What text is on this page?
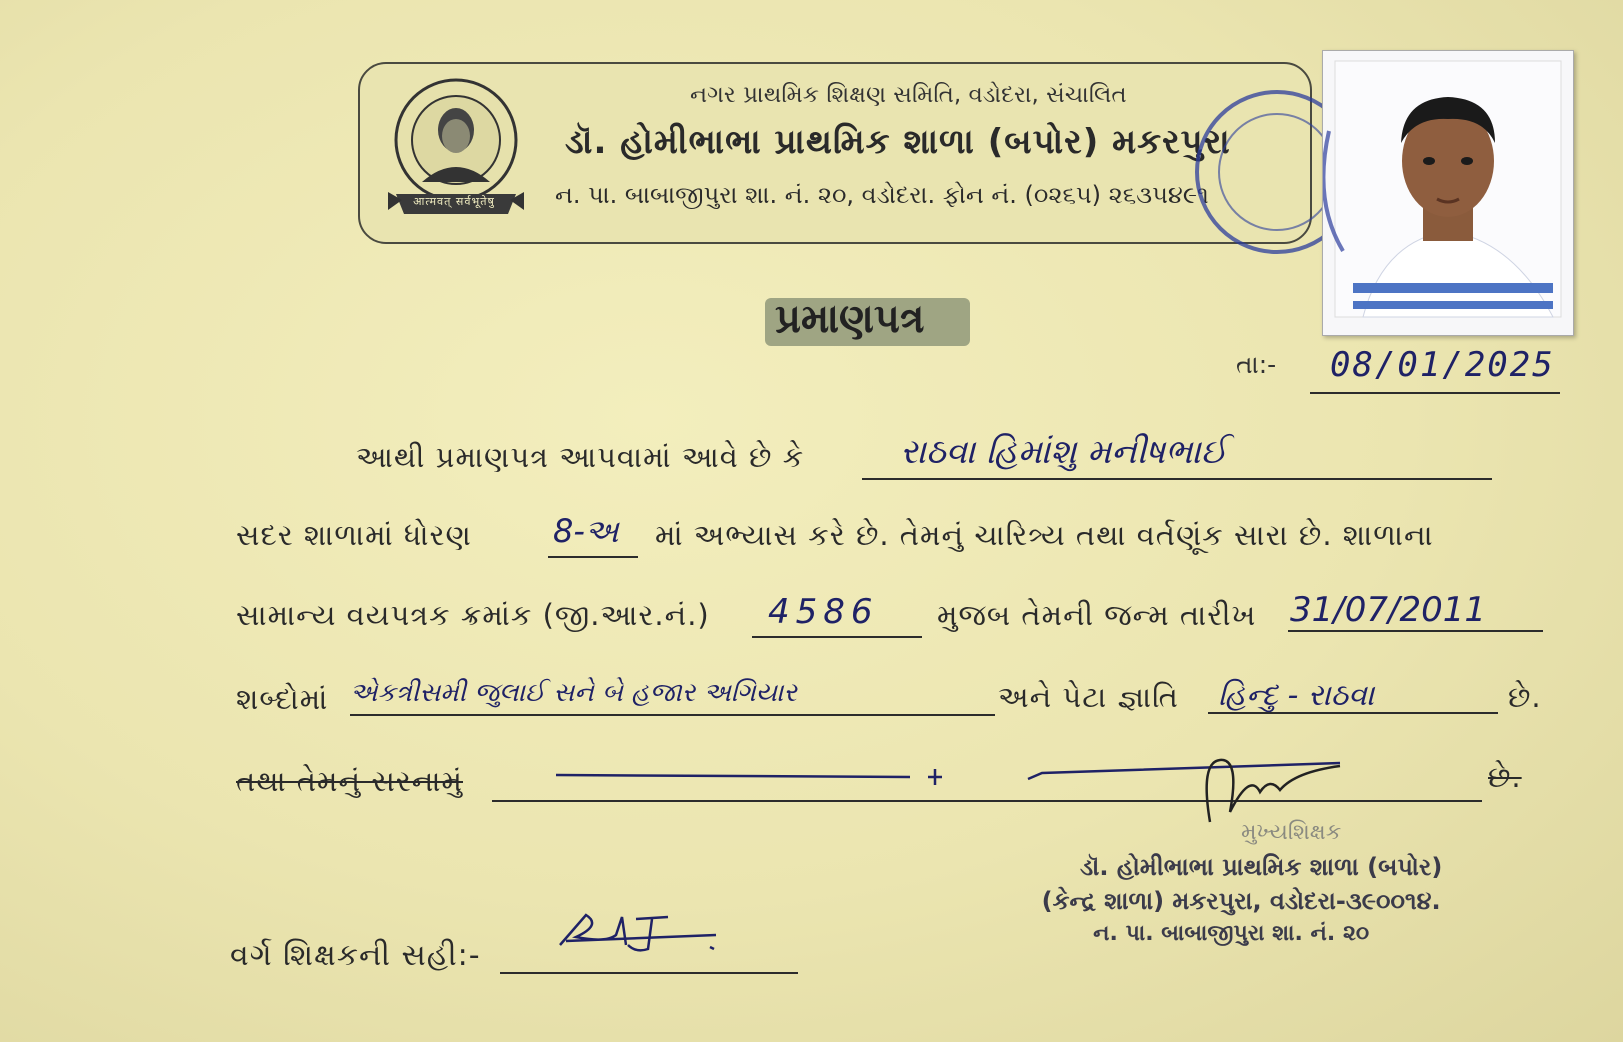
आत्मवत् सर्वभूतेषु
નગર પ્રાથમિક શિક્ષણ સમિતિ, વડોદરા, સંચાલિત
ડૉ. હોમીભાભા પ્રાથમિક શાળા (બપોર) મકરપુરા
ન. પા. બાબાજીપુરા શા. નં. ૨૦, વડોદરા. ફોન નં. (૦૨૬૫) ૨૬૩૫૪૯૧
પ્રમાણપત્ર
તા:- 08/01/2025
આથી પ્રમાણપત્ર આપવામાં આવે છે કે	રાઠવા હિમાંશુ મનીષભાઈ
સદર શાળામાં ધોરણ	8-અ માં અભ્યાસ કરે છે. તેમનું ચારિત્ર્ય તથા વર્તણૂંક સારા છે. શાળાના
સામાન્ય વયપત્રક ક્રમાંક (જી.આર.નં.) 4586 મુજબ તેમની જન્મ તારીખ 31/07/2011
શબ્દોમાં એકત્રીસમી જુલાઈ સને બે હજાર અગિયાર	અને પેટા જ્ઞાતિ હિન્દુ - રાઠવા	છે.
તથા તેમનું સરનામું	છે.
મુખ્યશિક્ષક
ડૉ. હોમીભાભા પ્રાથમિક શાળા (બપોર)
(કેન્દ્ર શાળા) મકરપુરા, વડોદરા-૩૯૦૦૧૪.
ન. પા. બાબાજીપુરા શા. નં. ૨૦
વર્ગ શિક્ષકની સહી:-
